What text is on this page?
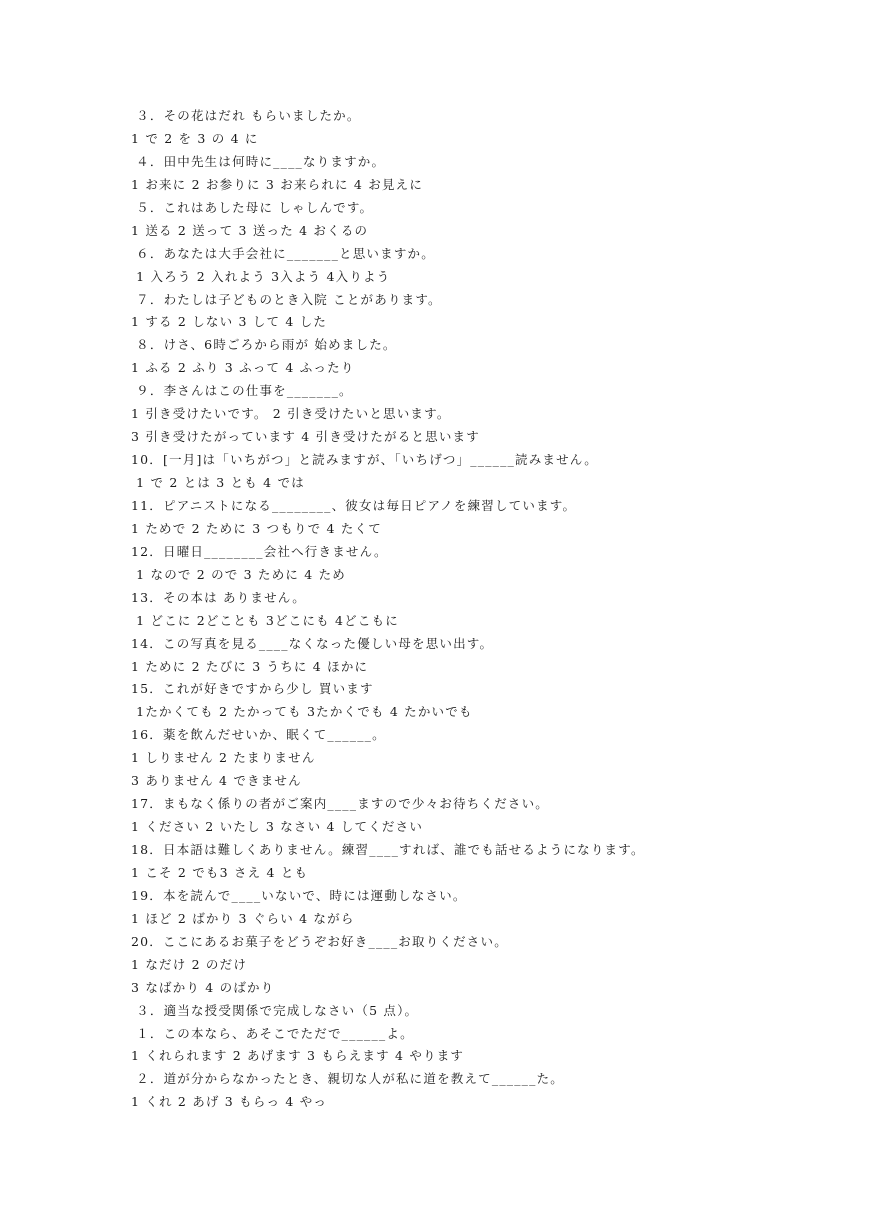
３．その花はだれ もらいましたか。
1 で 2 を 3 の 4 に
４．田中先生は何時に____なりますか。
1 お来に 2 お参りに 3 お来られに 4 お見えに
５．これはあした母に しゃしんです。
1 送る 2 送って 3 送った 4 おくるの
６．あなたは大手会社に_______と思いますか。
1 入ろう 2 入れよう 3入よう 4入りよう
７．わたしは子どものとき入院 ことがあります。
1 する 2 しない 3 して 4 した
８．けさ、6時ごろから雨が 始めました。
1 ふる 2 ふり 3 ふって 4 ふったり
９．李さんはこの仕事を_______。
1 引き受けたいです。 2 引き受けたいと思います。
3 引き受けたがっています 4 引き受けたがると思います
10．[一月]は「いちがつ」と読みますが、「いちげつ」______読みません。
1 で 2 とは 3 とも 4 では
11．ピアニストになる________、彼女は毎日ピアノを練習しています。
1 ためで 2 ために 3 つもりで 4 たくて
12．日曜日________会社へ行きません。
1 なので 2 ので 3 ために 4 ため
13．その本は ありません。
1 どこに 2どことも 3どこにも 4どこもに
14．この写真を見る____なくなった優しい母を思い出す。
1 ために 2 たびに 3 うちに 4 ほかに
15．これが好きですから少し 買います
1たかくても 2 たかっても 3たかくでも 4 たかいでも
16．薬を飲んだせいか、眠くて______。
1 しりません 2 たまりません
3 ありません 4 できません
17．まもなく係りの者がご案内____ますので少々お待ちください。
1 ください 2 いたし 3 なさい 4 してください
18．日本語は難しくありません。練習____すれば、誰でも話せるようになります。
1 こそ 2 でも3 さえ 4 とも
19．本を読んで____いないで、時には運動しなさい。
1 ほど 2 ばかり 3 ぐらい 4 ながら
20．ここにあるお菓子をどうぞお好き____お取りください。
1 なだけ 2 のだけ
3 なばかり 4 のばかり
３．適当な授受関係で完成しなさい（5 点）。
１．この本なら、あそこでただで______よ。
1 くれられます 2 あげます 3 もらえます 4 やります
２．道が分からなかったとき、親切な人が私に道を教えて______た。
1 くれ 2 あげ 3 もらっ 4 やっ
